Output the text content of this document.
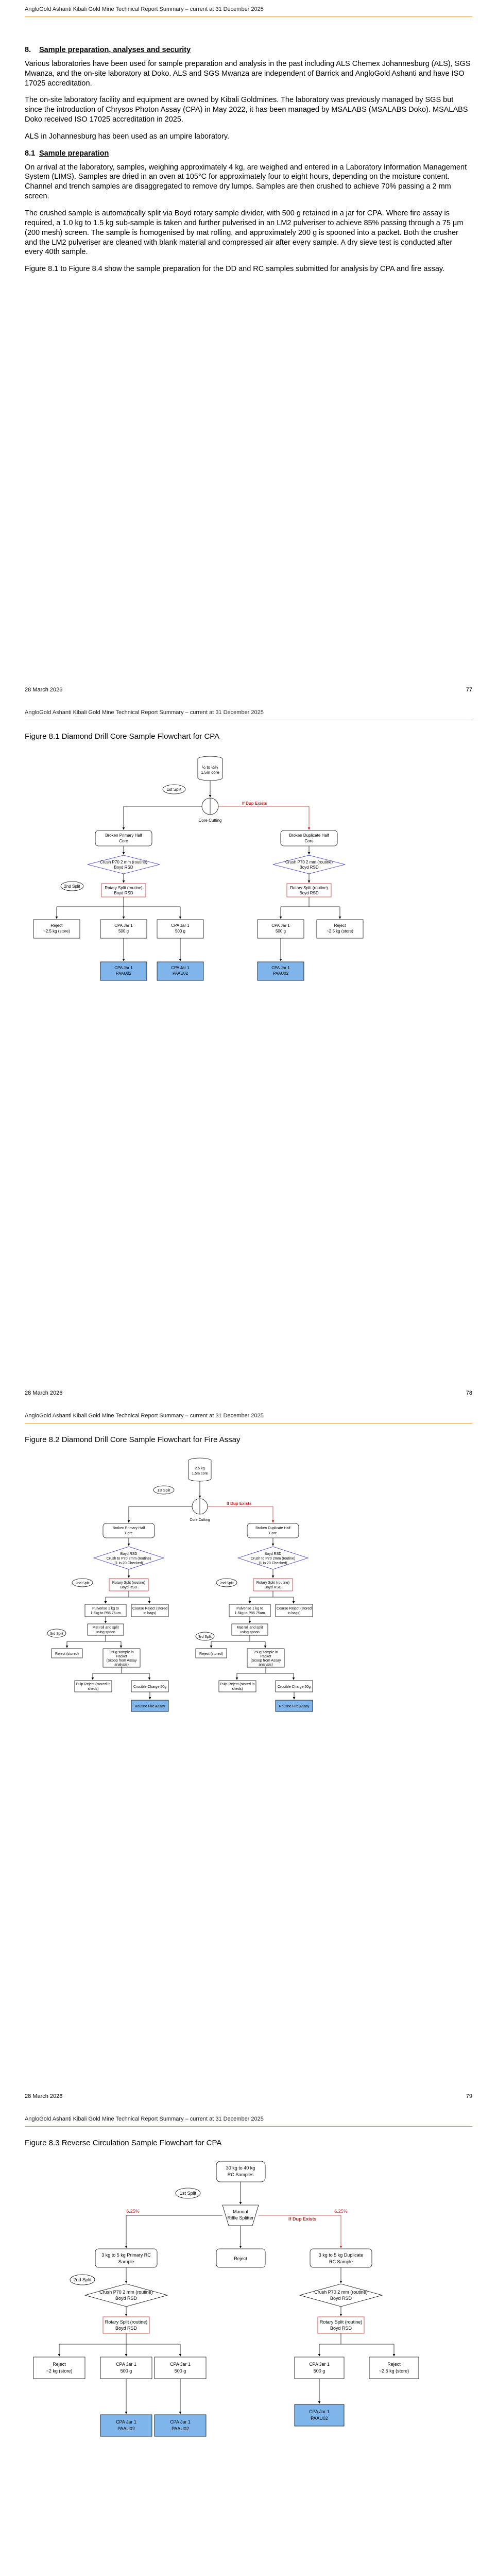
AngloGold Ashanti Kibali Gold Mine Technical Report Summary – current at 31 December 2025
8. Sample preparation, analyses and security

Various laboratories have been used for sample preparation and analysis in the past including ALS Chemex Johannesburg (ALS), SGS Mwanza, and the on-site laboratory at Doko. ALS and SGS Mwanza are independent of Barrick and AngloGold Ashanti and have ISO 17025 accreditation.

The on-site laboratory facility and equipment are owned by Kibali Goldmines. The laboratory was previously managed by SGS but since the introduction of Chrysos Photon Assay (CPA) in May 2022, it has been managed by MSALABS (MSALABS Doko). MSALABS Doko received ISO 17025 accreditation in 2025.

ALS in Johannesburg has been used as an umpire laboratory.

8.1 Sample preparation

On arrival at the laboratory, samples, weighing approximately 4 kg, are weighed and entered in a Laboratory Information Management System (LIMS). Samples are dried in an oven at 105°C for approximately four to eight hours, depending on the moisture content. Channel and trench samples are disaggregated to remove dry lumps. Samples are then crushed to achieve 70% passing a 2 mm screen.

The crushed sample is automatically split via Boyd rotary sample divider, with 500 g retained in a jar for CPA. Where fire assay is required, a 1.0 kg to 1.5 kg sub-sample is taken and further pulverised in an LM2 pulveriser to achieve 85% passing through a 75 µm (200 mesh) screen. The sample is homogenised by mat rolling, and approximately 200 g is spooned into a packet. Both the crusher and the LM2 pulveriser are cleaned with blank material and compressed air after every sample. A dry sieve test is conducted after every 40th sample.

Figure 8.1 to Figure 8.4 show the sample preparation for the DD and RC samples submitted for analysis by CPA and fire assay.

28 March 2026	77
AngloGold Ashanti Kibali Gold Mine Technical Report Summary – current at 31 December 2025
Figure 8.1 Diamond Drill Core Sample Flowchart for CPA
½ to ½¾
1.5m core
1st Split
Core Cutting
If Dup Exists
Broken Primary Half
Core
Broken Duplicate Half
Core
Crush P70 2 mm (routine)
Boyd RSD
Crush P70 2 mm (routine)
Boyd RSD
2nd Split	Rotary Split (routine)
Boyd RSD
Rotary Split (routine)
Boyd RSD
Reject
~2.5 kg (store)
CPA Jar 1
500 g
CPA Jar 1
500 g
CPA Jar 1
500 g
Reject
~2.5 kg (store)
CPA Jar 1
PAAU02
CPA Jar 1
PAAU02
CPA Jar 1
PAAU02
28 March 2026	78
AngloGold Ashanti Kibali Gold Mine Technical Report Summary – current at 31 December 2025
Figure 8.2 Diamond Drill Core Sample Flowchart for Fire Assay
2.5 kg
1.5m core
1st Split
Core Cutting
If Dup Exists
Broken Primary Half
Core
Broken Duplicate Half
Core
Boyd RSD
Crush to P70 2mm (routine)
(1 in 20 Checked)
Boyd RSD
Crush to P70 2mm (routine)
(1 in 20 Checked)
2nd Split	2nd Split
Rotary Split (routine)
Boyd RSD
Rotary Split (routine)
Boyd RSD
Pulverise 1 kg to
1.5kg to P85 75um
Coarse Reject (stored
in bags)
Pulverise 1 kg to
1.5kg to P85 75um
Coarse Reject (stored
in bags)
Mat roll and split
using spoon
Mat roll and split
using spoon
3rd Split
3rd Split
Reject (stored)	250g sample in
Packet
(Scoop from Assay
analysis)
Reject (stored)	250g sample in
Packet
(Scoop from Assay
analysis)
Pulp Reject (stored in
sheds)
Crucible Charge 50g
Pulp Reject (stored in
sheds)
Crucible Charge 50g
Routine Fire Assay	Routine Fire Assay
28 March 2026	79
AngloGold Ashanti Kibali Gold Mine Technical Report Summary – current at 31 December 2025
Figure 8.3 Reverse Circulation Sample Flowchart for CPA
30 kg to 40 kg
RC Samples
1st Split
Manual
Riffle Splitter
6.25%	6.25%
If Dup Exists
3 kg to 5 kg Primary RC
Sample
Reject
3 kg to 5 kg Duplicate
RC Sample
2nd Split
Crush P70 2 mm (routine)
Boyd RSD
Crush P70 2 mm (routine)
Boyd RSD
Rotary Split (routine)
Boyd RSD
Rotary Split (routine)
Boyd RSD
Reject
~2 kg (store)
CPA Jar 1
500 g
CPA Jar 1
500 g
CPA Jar 1
500 g
Reject
~2.5 kg (store)
CPA Jar 1
PAAU02
CPA Jar 1
PAAU02
CPA Jar 1
PAAU02
